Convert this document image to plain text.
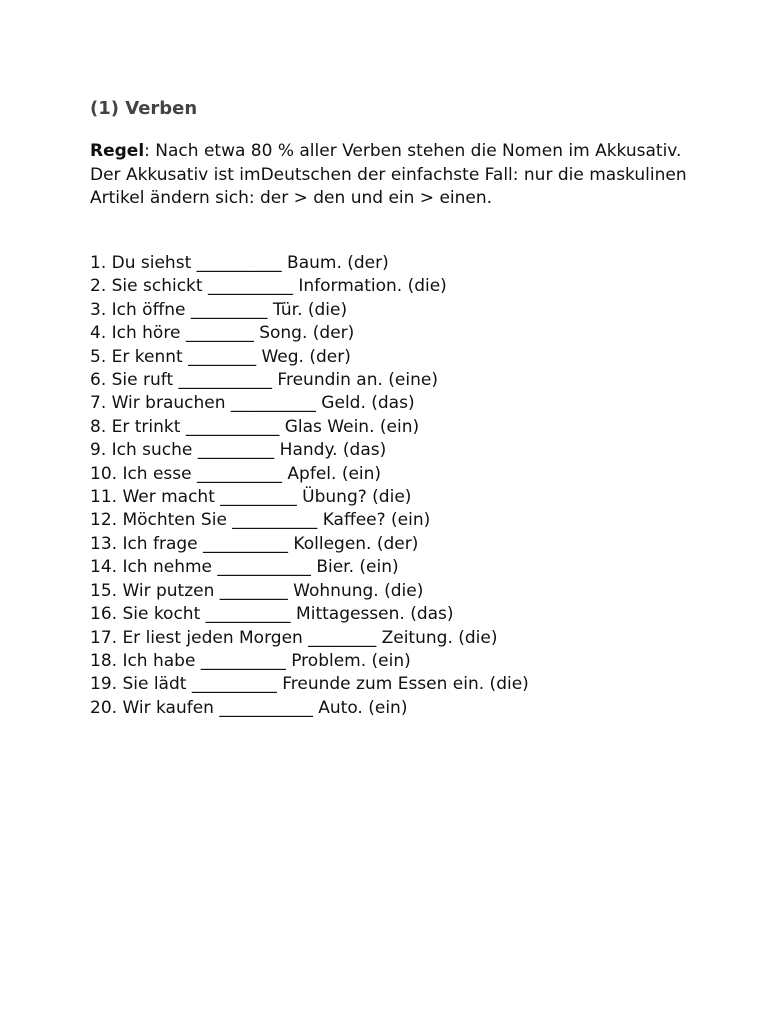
(1) Verben

Regel: Nach etwa 80 % aller Verben stehen die Nomen im Akkusativ.
Der Akkusativ ist imDeutschen der einfachste Fall: nur die maskulinen
Artikel ändern sich: der > den und ein > einen.

1. Du siehst __________ Baum. (der)
2. Sie schickt __________ Information. (die)
3. Ich öffne _________ Tür. (die)
4. Ich höre ________ Song. (der)
5. Er kennt ________ Weg. (der)
6. Sie ruft ___________ Freundin an. (eine)
7. Wir brauchen __________ Geld. (das)
8. Er trinkt ___________ Glas Wein. (ein)
9. Ich suche _________ Handy. (das)
10. Ich esse __________ Apfel. (ein)
11. Wer macht _________ Übung? (die)
12. Möchten Sie __________ Kaffee? (ein)
13. Ich frage __________ Kollegen. (der)
14. Ich nehme ___________ Bier. (ein)
15. Wir putzen ________ Wohnung. (die)
16. Sie kocht __________ Mittagessen. (das)
17. Er liest jeden Morgen ________ Zeitung. (die)
18. Ich habe __________ Problem. (ein)
19. Sie lädt __________ Freunde zum Essen ein. (die)
20. Wir kaufen ___________ Auto. (ein)
